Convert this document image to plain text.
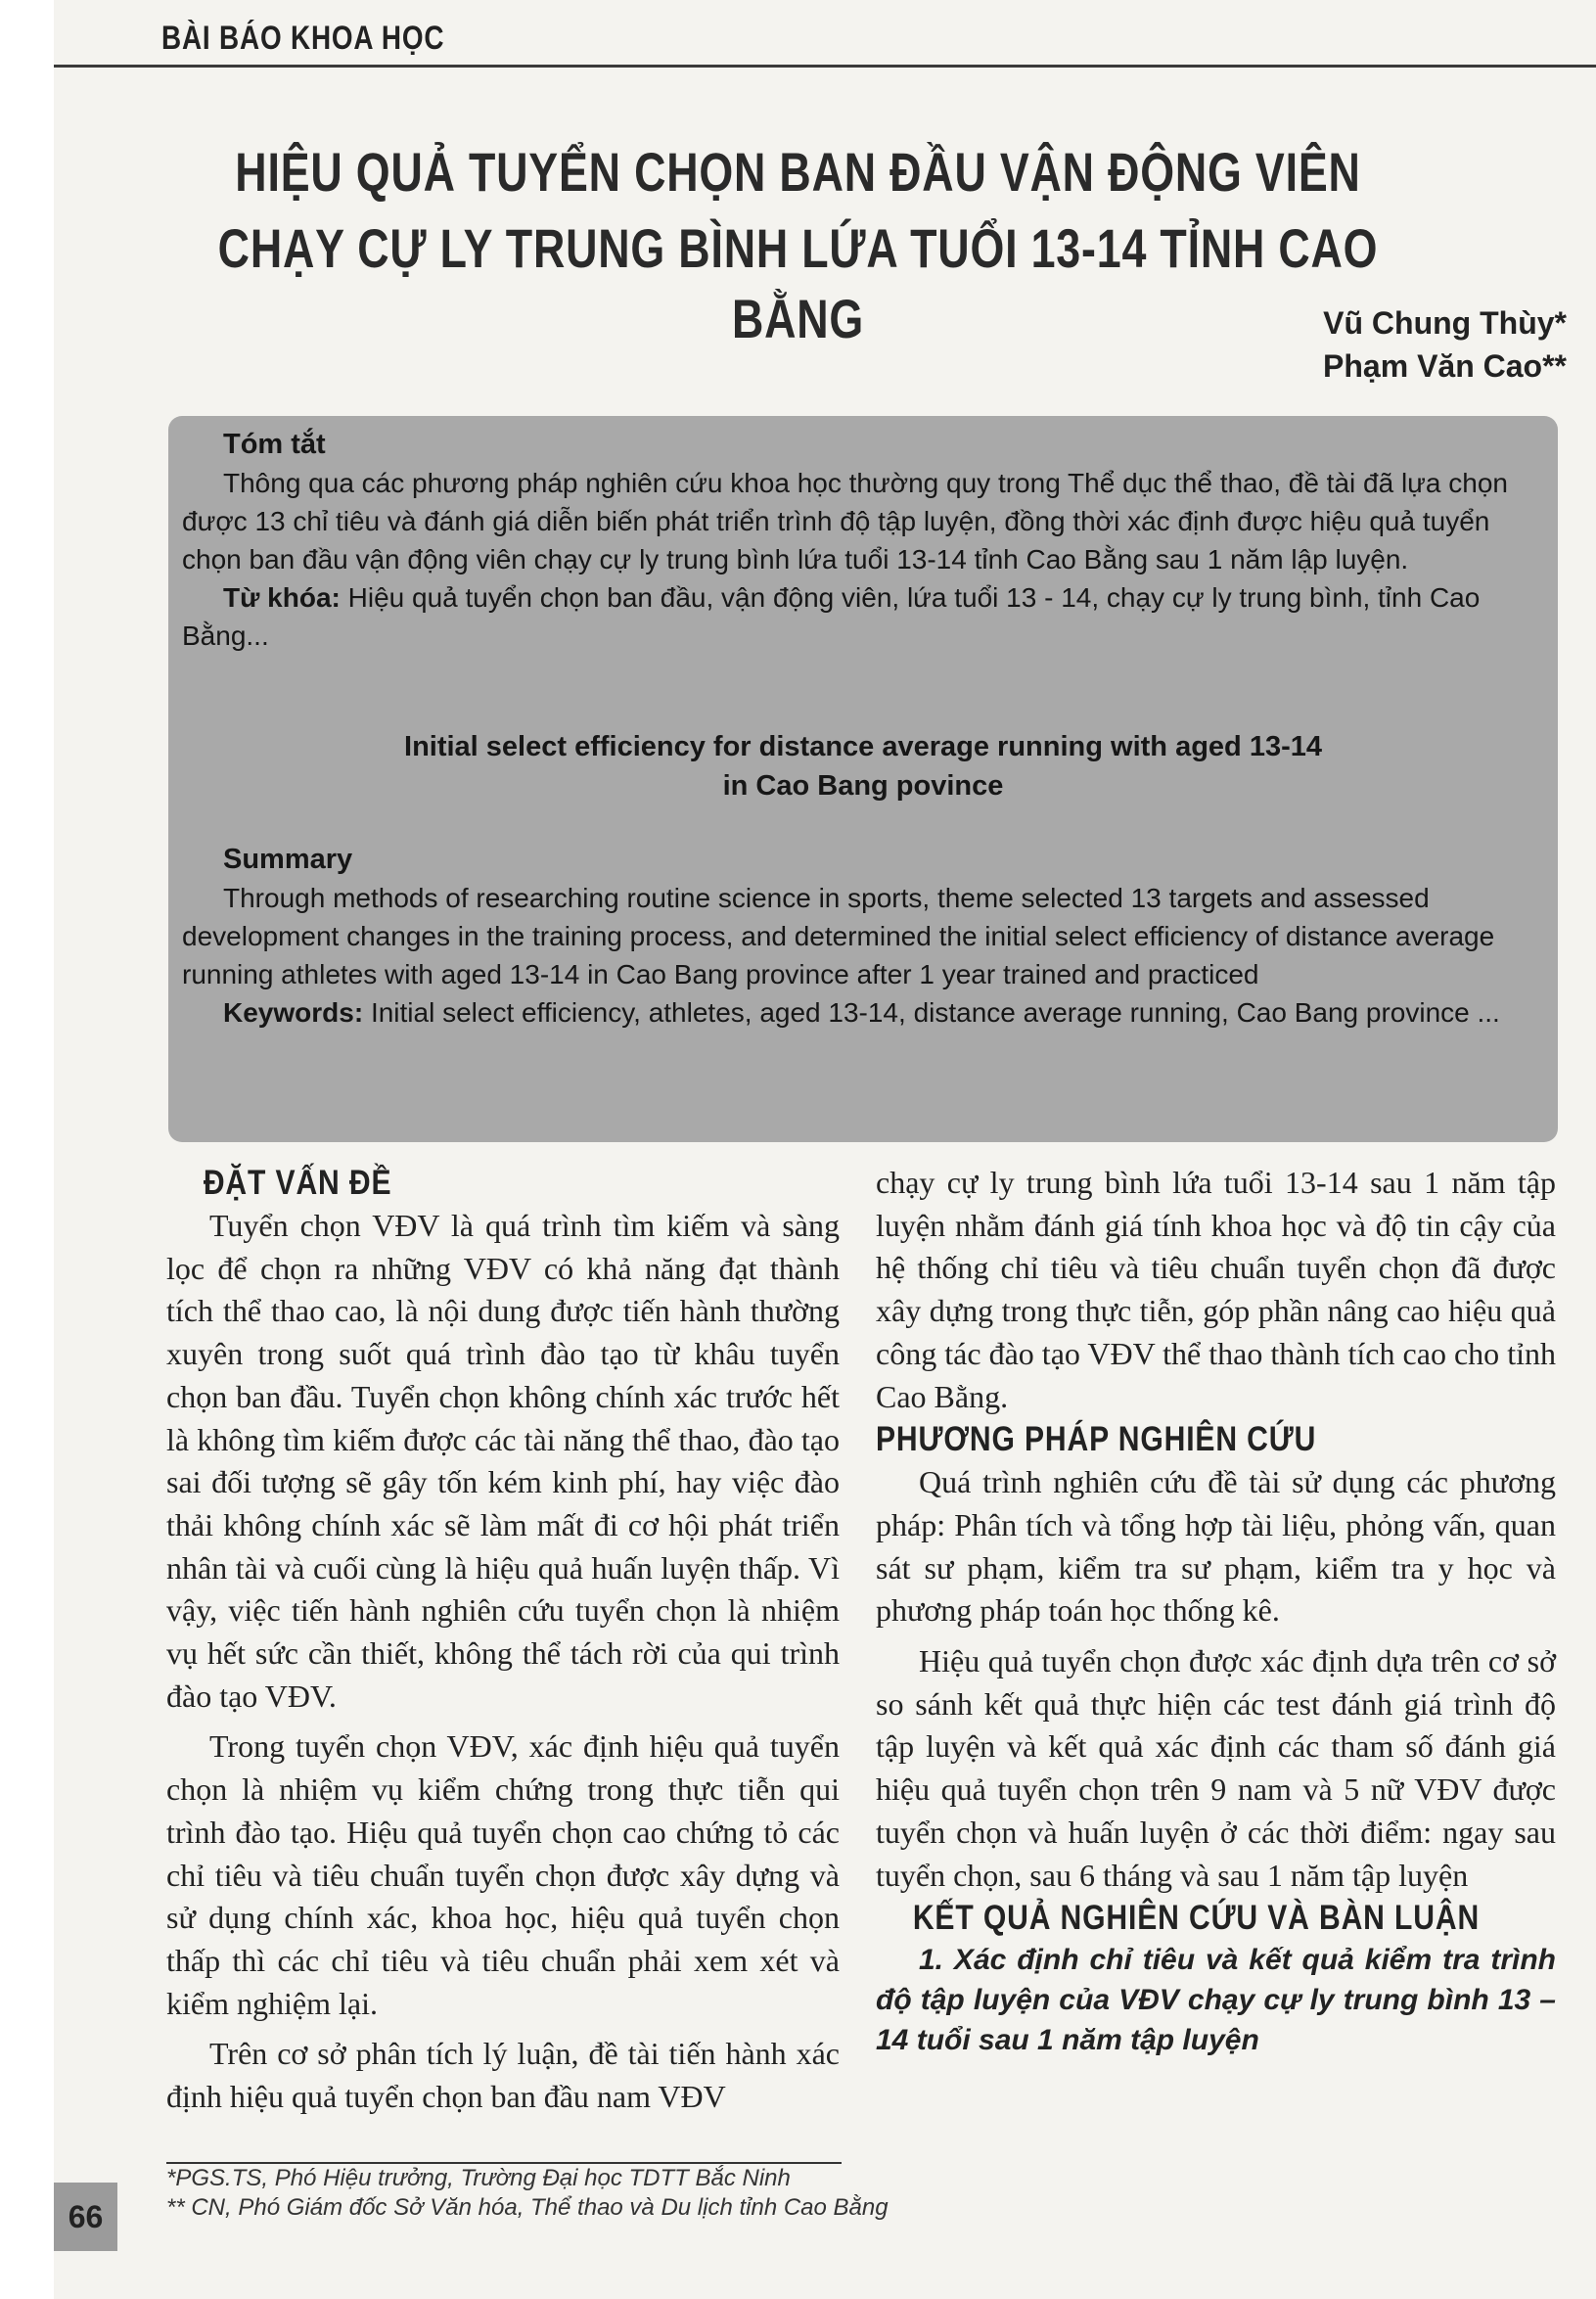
BÀI BÁO KHOA HỌC
HIỆU QUẢ TUYỂN CHỌN BAN ĐẦU VẬN ĐỘNG VIÊN
CHẠY CỰ LY TRUNG BÌNH LỨA TUỔI 13-14 TỈNH CAO BẰNG	Vũ Chung Thùy*
Phạm Văn Cao**
Tóm tắt
Thông qua các phương pháp nghiên cứu khoa học thường quy trong Thể dục thể thao, đề tài đã lựa chọn được 13 chỉ tiêu và đánh giá diễn biến phát triển trình độ tập luyện, đồng thời xác định được hiệu quả tuyển chọn ban đầu vận động viên chạy cự ly trung bình lứa tuổi 13-14 tỉnh Cao Bằng sau 1 năm lập luyện.
Từ khóa: Hiệu quả tuyển chọn ban đầu, vận động viên, lứa tuổi 13 - 14, chạy cự ly trung bình, tỉnh Cao Bằng...
Initial select efficiency for distance average running with aged 13-14
in Cao Bang povince
Summary
Through methods of researching routine science in sports, theme selected 13 targets and assessed development changes in the training process, and determined the initial select efficiency of distance average running athletes with aged 13-14 in Cao Bang province after 1 year trained and practiced
Keywords: Initial select efficiency, athletes, aged 13-14, distance average running, Cao Bang province ...

ĐẶT VẤN ĐỀ

Tuyển chọn VĐV là quá trình tìm kiếm và sàng lọc để chọn ra những VĐV có khả năng đạt thành tích thể thao cao, là nội dung được tiến hành thường xuyên trong suốt quá trình đào tạo từ khâu tuyển chọn ban đầu. Tuyển chọn không chính xác trước hết là không tìm kiếm được các tài năng thể thao, đào tạo sai đối tượng sẽ gây tốn kém kinh phí, hay việc đào thải không chính xác sẽ làm mất đi cơ hội phát triển nhân tài và cuối cùng là hiệu quả huấn luyện thấp. Vì vậy, việc tiến hành nghiên cứu tuyển chọn là nhiệm vụ hết sức cần thiết, không thể tách rời của qui trình đào tạo VĐV.

Trong tuyển chọn VĐV, xác định hiệu quả tuyển chọn là nhiệm vụ kiểm chứng trong thực tiễn qui trình đào tạo. Hiệu quả tuyển chọn cao chứng tỏ các chỉ tiêu và tiêu chuẩn tuyển chọn được xây dựng và sử dụng chính xác, khoa học, hiệu quả tuyển chọn thấp thì các chỉ tiêu và tiêu chuẩn phải xem xét và kiểm nghiệm lại.

Trên cơ sở phân tích lý luận, đề tài tiến hành xác định hiệu quả tuyển chọn ban đầu nam VĐV

chạy cự ly trung bình lứa tuổi 13-14 sau 1 năm tập luyện nhằm đánh giá tính khoa học và độ tin cậy của hệ thống chỉ tiêu và tiêu chuẩn tuyển chọn đã được xây dựng trong thực tiễn, góp phần nâng cao hiệu quả công tác đào tạo VĐV thể thao thành tích cao cho tỉnh Cao Bằng.

PHƯƠNG PHÁP NGHIÊN CỨU

Quá trình nghiên cứu đề tài sử dụng các phương pháp: Phân tích và tổng hợp tài liệu, phỏng vấn, quan sát sư phạm, kiểm tra sư phạm, kiểm tra y học và phương pháp toán học thống kê.

Hiệu quả tuyển chọn được xác định dựa trên cơ sở so sánh kết quả thực hiện các test đánh giá trình độ tập luyện và kết quả xác định các tham số đánh giá hiệu quả tuyển chọn trên 9 nam và 5 nữ VĐV được tuyển chọn và huấn luyện ở các thời điểm: ngay sau tuyển chọn, sau 6 tháng và sau 1 năm tập luyện

KẾT QUẢ NGHIÊN CỨU VÀ BÀN LUẬN

1. Xác định chỉ tiêu và kết quả kiểm tra trình độ tập luyện của VĐV chạy cự ly trung bình 13 – 14 tuổi sau 1 năm tập luyện

*PGS.TS, Phó Hiệu trưởng, Trường Đại học TDTT Bắc Ninh
** CN, Phó Giám đốc Sở Văn hóa, Thể thao và Du lịch tỉnh Cao Bằng
66
